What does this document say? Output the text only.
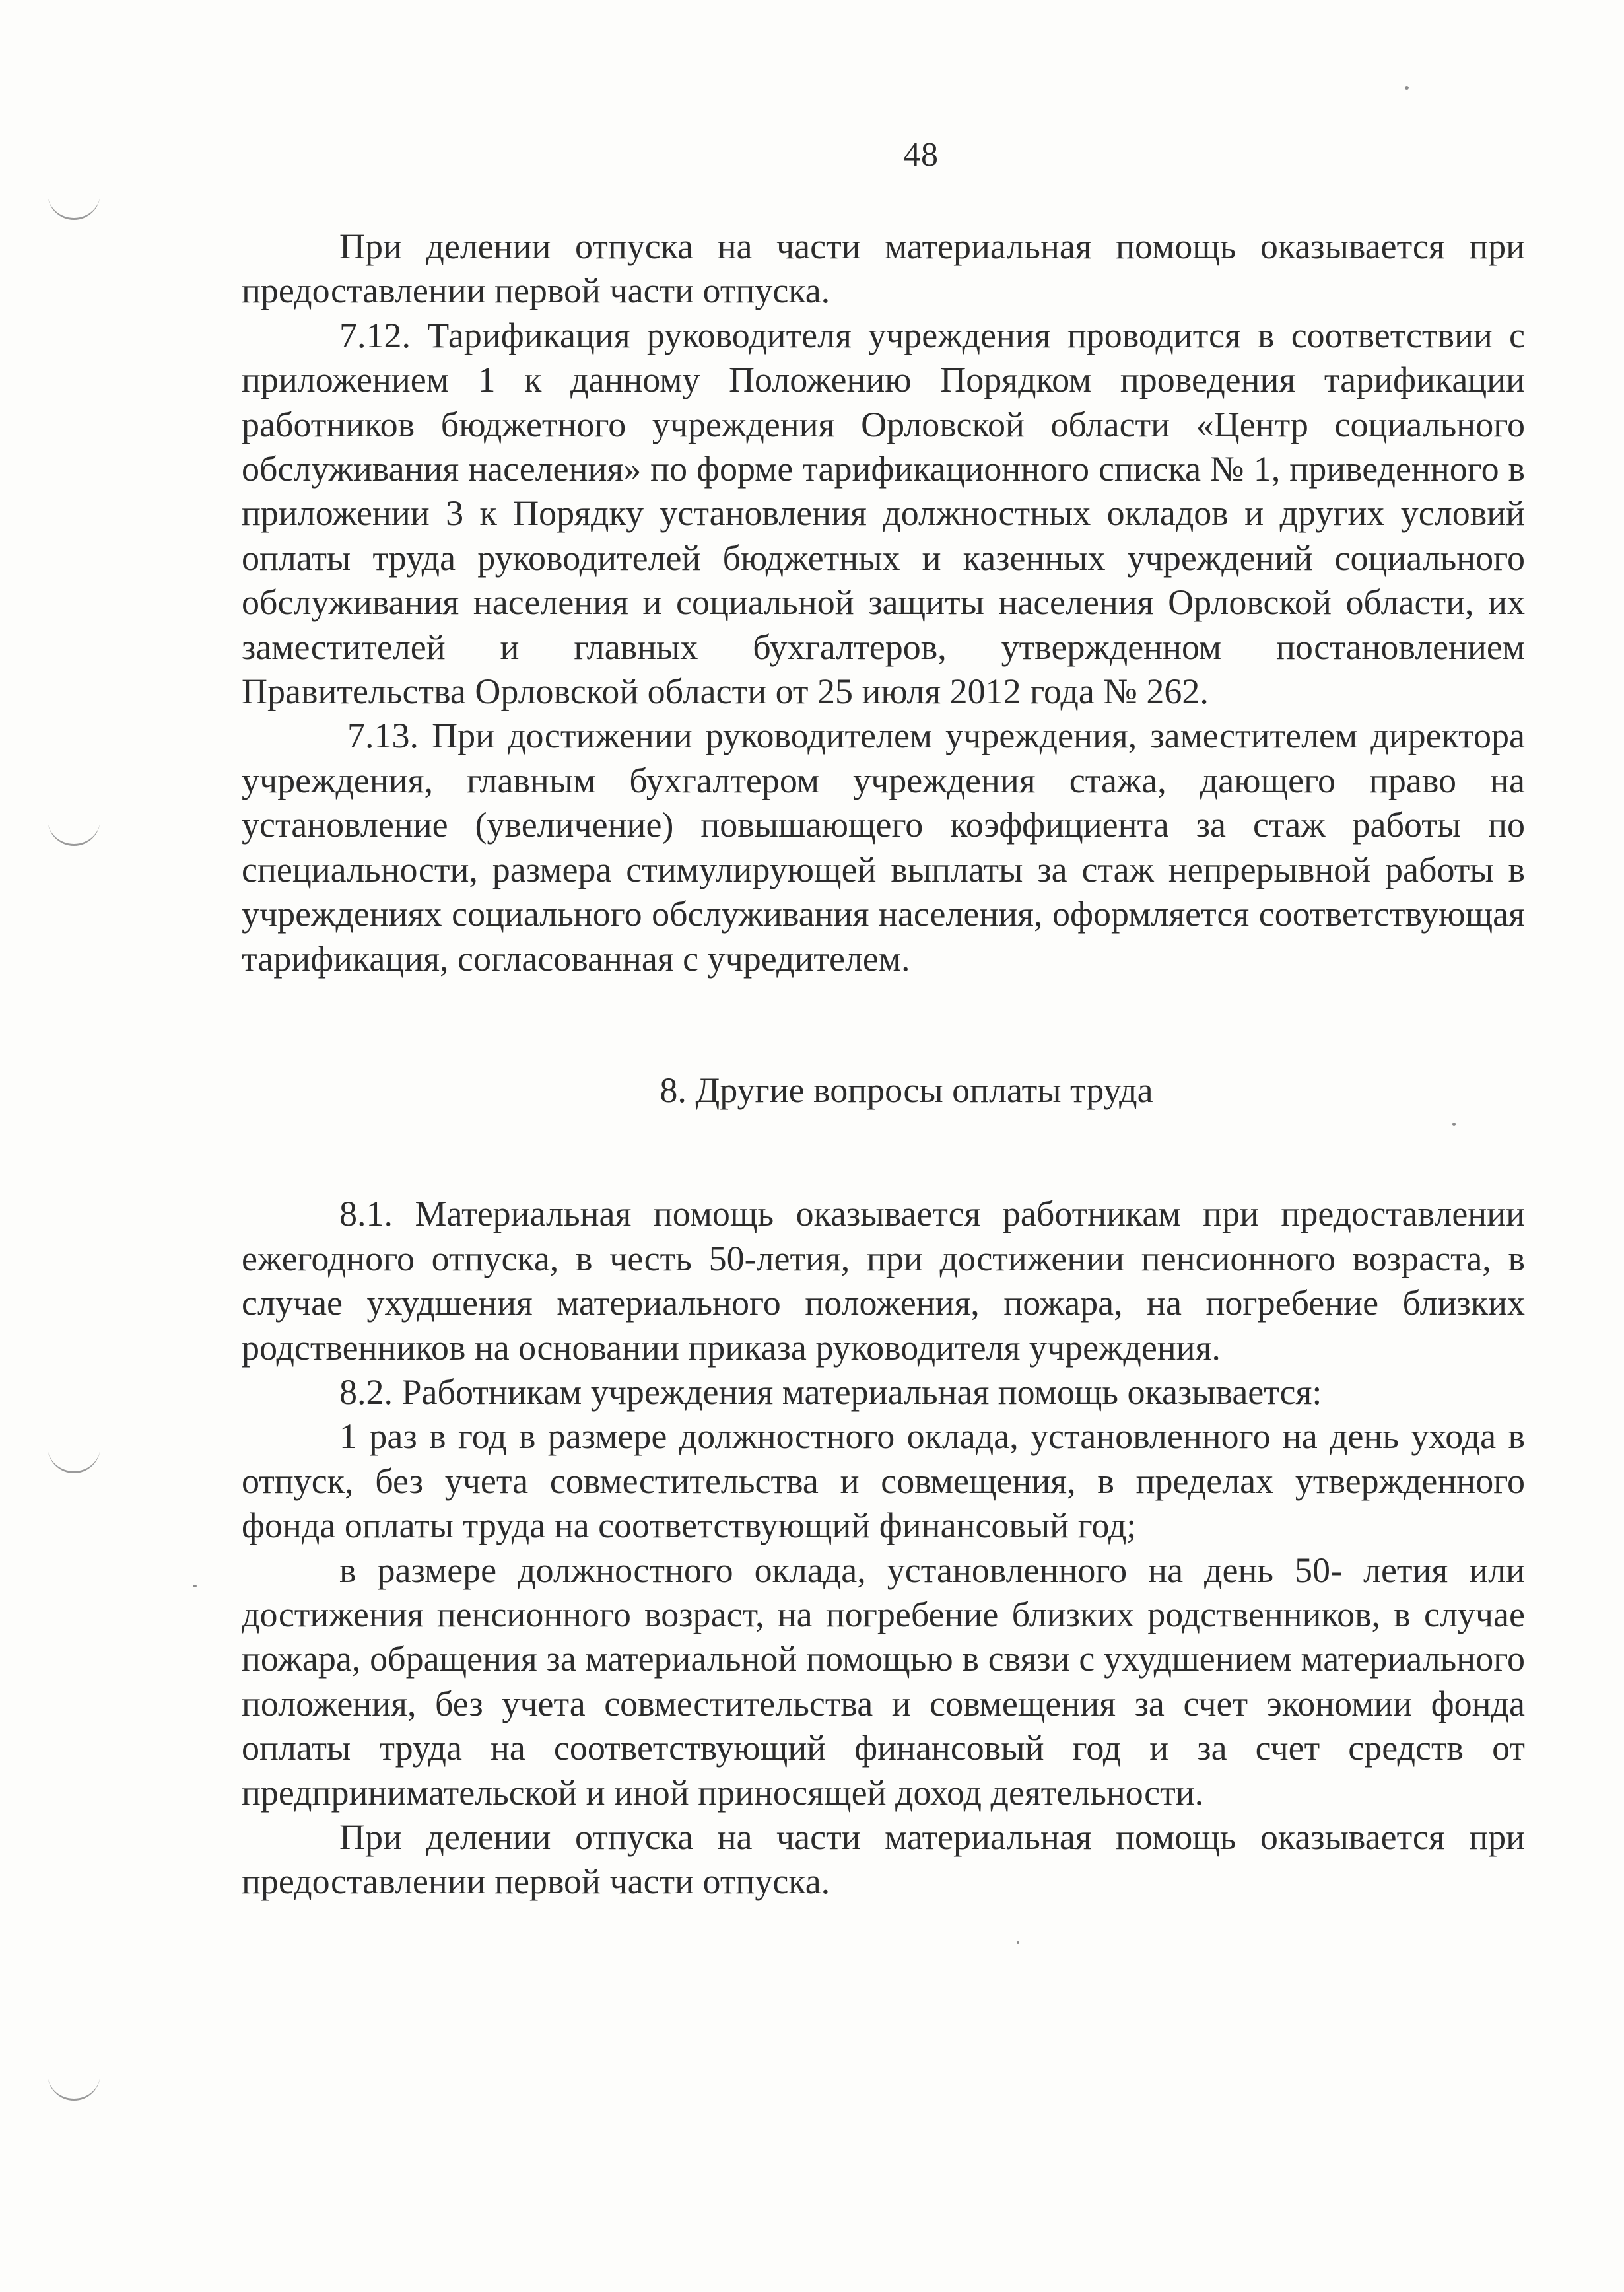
48

При делении отпуска на части материальная помощь оказывается при предоставлении первой части отпуска.

7.12. Тарификация руководителя учреждения проводится в соответствии с приложением 1 к данному Положению Порядком проведения тарификации работников бюджетного учреждения Орловской области «Центр социального обслуживания населения» по форме тарификационного списка № 1, приведенного в приложении 3 к Порядку установления должностных окладов и других условий оплаты труда руководителей бюджетных и казенных учреждений социального обслуживания населения и социальной защиты населения Орловской области, их заместителей и главных бухгалтеров, утвержденном постановлением Правительства Орловской области от 25 июля 2012 года № 262.

7.13. При достижении руководителем учреждения, заместителем директора учреждения, главным бухгалтером учреждения стажа, дающего право на установление (увеличение) повышающего коэффициента за стаж работы по специальности, размера стимулирующей выплаты за стаж непрерывной работы в учреждениях социального обслуживания населения, оформляется соответствующая тарификация, согласованная с учредителем.

8. Другие вопросы оплаты труда

8.1. Материальная помощь оказывается работникам при предоставлении ежегодного отпуска, в честь 50-летия, при достижении пенсионного возраста, в случае ухудшения материального положения, пожара, на погребение близких родственников на основании приказа руководителя учреждения.

8.2. Работникам учреждения материальная помощь оказывается:

1 раз в год в размере должностного оклада, установленного на день ухода в отпуск, без учета совместительства и совмещения, в пределах утвержденного фонда оплаты труда на соответствующий финансовый год;

в размере должностного оклада, установленного на день 50- летия или достижения пенсионного возраст, на погребение близких родственников, в случае пожара, обращения за материальной помощью в связи с ухудшением материального положения, без учета совместительства и совмещения за счет экономии фонда оплаты труда на соответствующий финансовый год и за счет средств от предпринимательской и иной приносящей доход деятельности.

При делении отпуска на части материальная помощь оказывается при предоставлении первой части отпуска.
